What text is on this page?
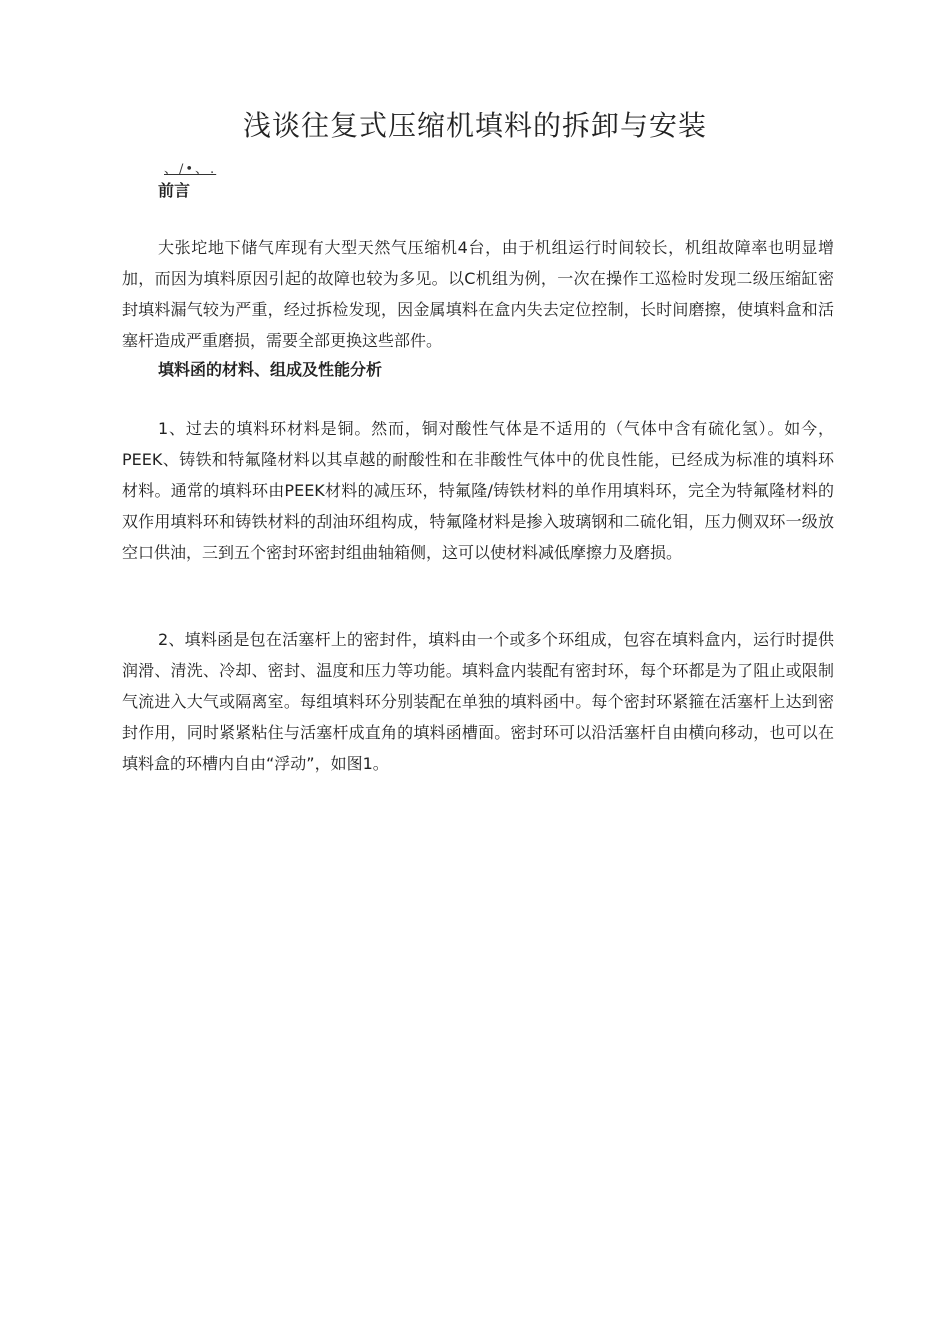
浅谈往复式压缩机填料的拆卸与安装
、/•、.
前言

大张坨地下储气库现有大型天然气压缩机4台，由于机组运行时间较长，机组故障率也明显增加，而因为填料原因引起的故障也较为多见。以C机组为例，一次在操作工巡检时发现二级压缩缸密封填料漏气较为严重，经过拆检发现，因金属填料在盒内失去定位控制，长时间磨擦，使填料盒和活塞杆造成严重磨损，需要全部更换这些部件。

填料函的材料、组成及性能分析

1、过去的填料环材料是铜。然而，铜对酸性气体是不适用的（气体中含有硫化氢）。如今，PEEK、铸铁和特氟隆材料以其卓越的耐酸性和在非酸性气体中的优良性能，已经成为标准的填料环材料。通常的填料环由PEEK材料的减压环，特氟隆/铸铁材料的单作用填料环，完全为特氟隆材料的双作用填料环和铸铁材料的刮油环组构成，特氟隆材料是掺入玻璃钢和二硫化钼，压力侧双环一级放空口供油，三到五个密封环密封组曲轴箱侧，这可以使材料减低摩擦力及磨损。

2、填料函是包在活塞杆上的密封件，填料由一个或多个环组成，包容在填料盒内，运行时提供润滑、清洗、冷却、密封、温度和压力等功能。填料盒内装配有密封环，每个环都是为了阻止或限制气流进入大气或隔离室。每组填料环分别装配在单独的填料函中。每个密封环紧箍在活塞杆上达到密封作用，同时紧紧粘住与活塞杆成直角的填料函槽面。密封环可以沿活塞杆自由横向移动，也可以在填料盒的环槽内自由“浮动”，如图1。
